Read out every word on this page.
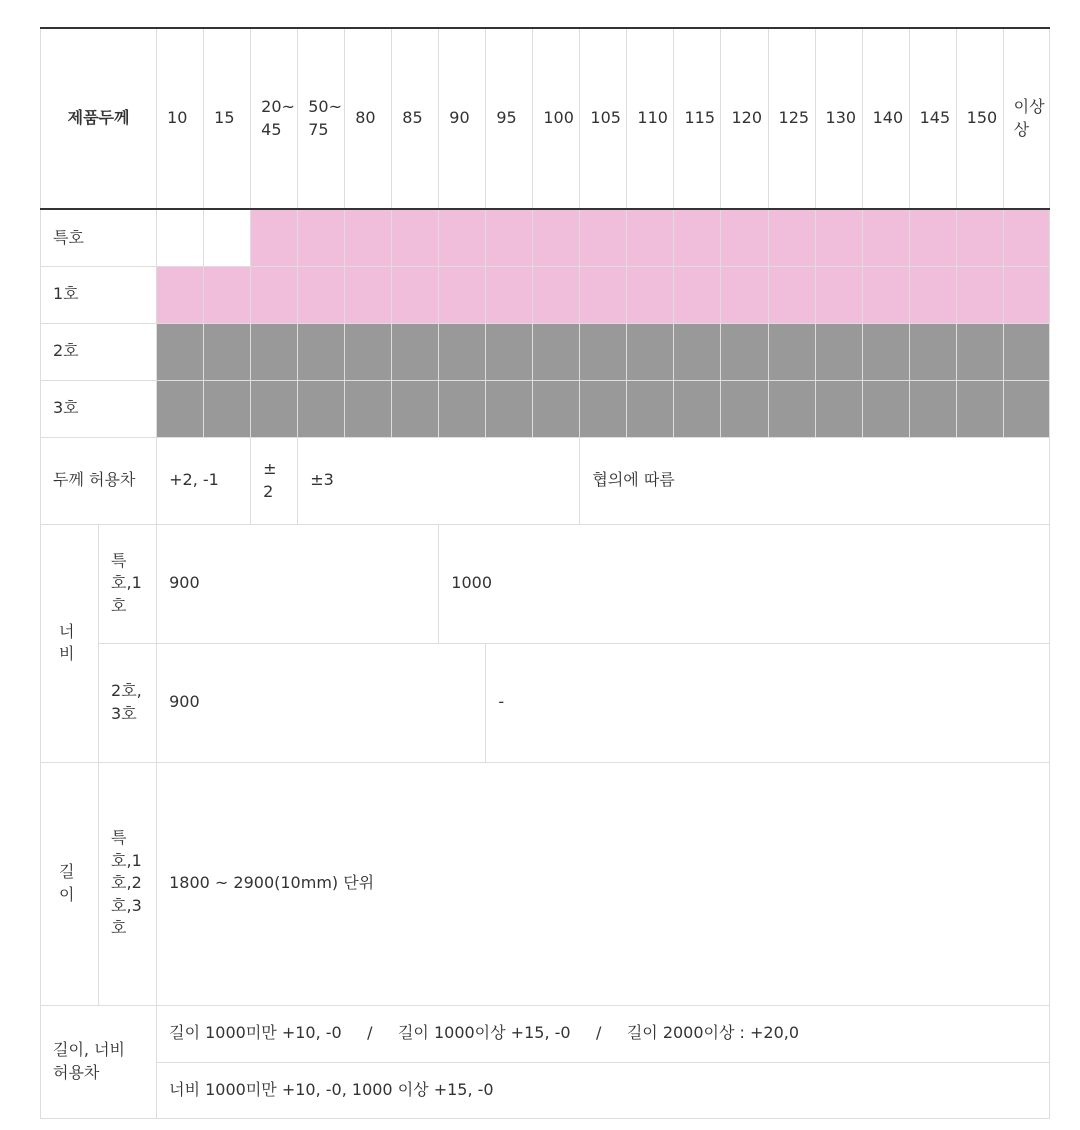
제품두께		10	15	20~45	50~75	80	85	90	95	100	105	110	115	120	125	130	140	145	150	이상상
특호																				
1호																				
2호																				
3호																				
두께 허용차		+2, -1		±2	±3						협의에 따름									
너비	특호,1호	900						1000												
	2호,3호	900							-											
길이	특호,1호,2호,3호	1800 ~ 2900(10mm) 단위																		
길이, 너비 허용차		길이 1000미만 +10, -0     /     길이 1000이상 +15, -0     /     길이 2000이상 : +20,0																		
		너비 1000미만 +10, -0, 1000 이상 +15, -0																		
